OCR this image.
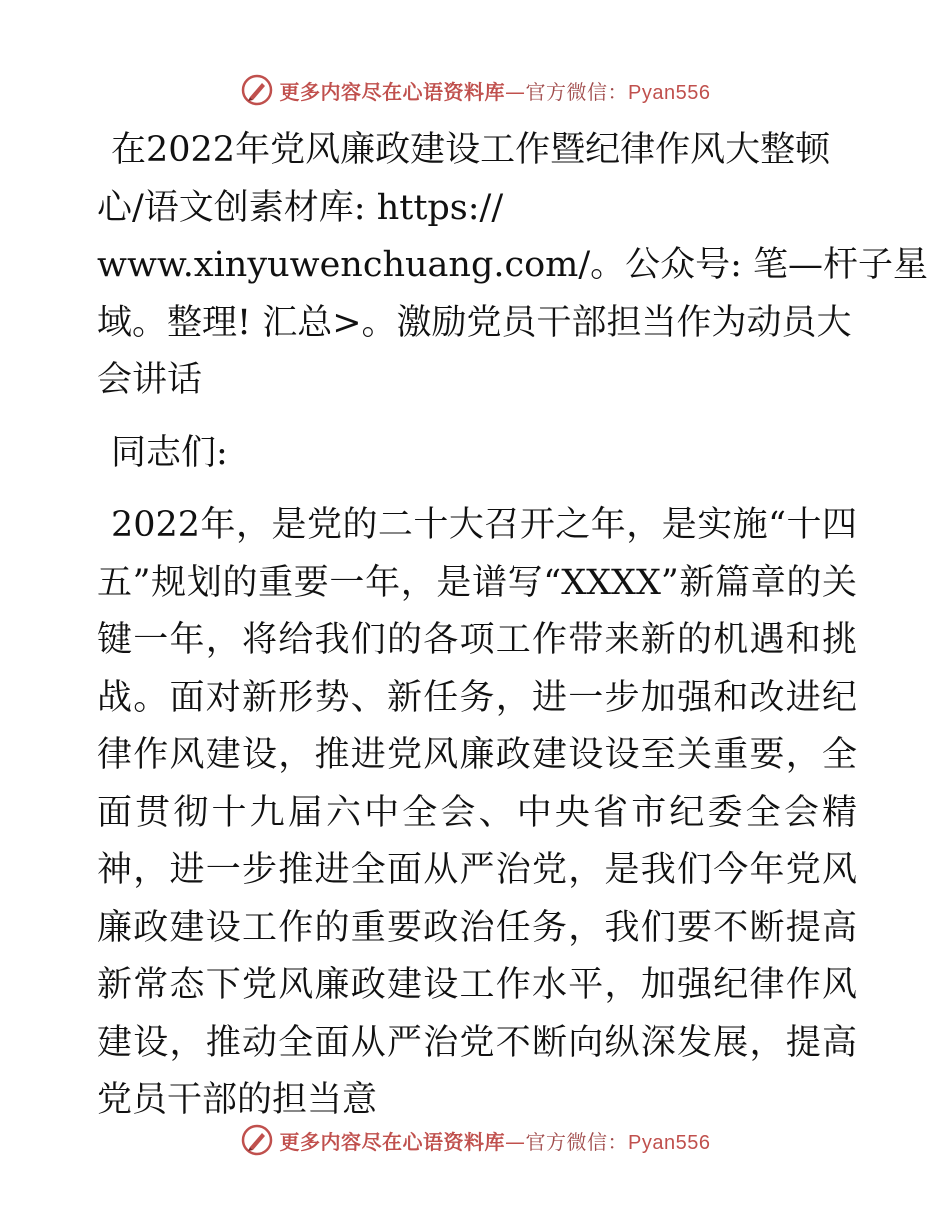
更多内容尽在心语资料库—官方微信：Pyan556

在2022年党风廉政建设工作暨纪律作风大整顿
心/语文创素材库: https://
www.xinyuwenchuang.com/。公众号: 笔—杆子星
域。整理! 汇总>。激励党员干部担当作为动员大
会讲话

同志们:

2022年，是党的二十大召开之年，是实施“十四五”规划的重要一年，是谱写“XXXX”新篇章的关键一年，将给我们的各项工作带来新的机遇和挑战。面对新形势、新任务，进一步加强和改进纪律作风建设，推进党风廉政建设设至关重要，全面贯彻十九届六中全会、中央省市纪委全会精神，进一步推进全面从严治党，是我们今年党风廉政建设工作的重要政治任务，我们要不断提高新常态下党风廉政建设工作水平，加强纪律作风建设，推动全面从严治党不断向纵深发展，提高党员干部的担当意

更多内容尽在心语资料库—官方微信：Pyan556
